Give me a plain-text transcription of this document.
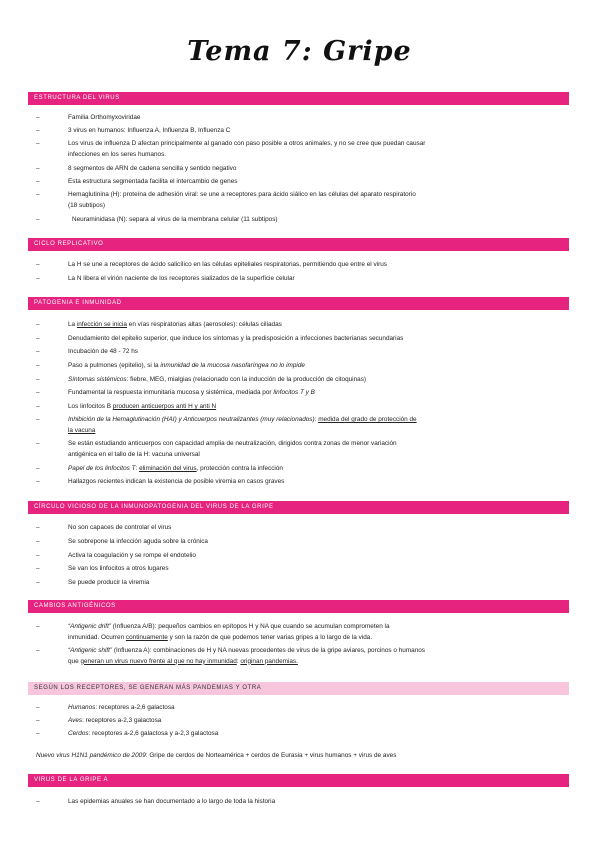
Tema 7: Gripe
ESTRUCTURA DEL VIRUS
–	Familia Orthomyxoviridae
–	3 virus en humanos: Influenza A, Influenza B, Influenza C
–	Los virus de influenza D afectan principalmente al ganado con paso posible a otros animales, y no se cree que puedan causar
infecciones en los seres humanos.
–	8 segmentos de ARN de cadena sencilla y sentido negativo
–	Esta estructura segmentada facilita el intercambio de genes
–	Hemaglutinina (H): proteína de adhesión viral: se une a receptores para ácido siálico en las células del aparato respiratorio
(18 subtipos)
–	Neuraminidasa (N): separa al virus de la membrana celular (11 subtipos)
CICLO REPLICATIVO
–	La H se une a receptores de ácido salicílico en las células epiteliales respiratorias, permitiendo que entre el virus
–	La N libera el virión naciente de los receptores sializados de la superficie celular
PATOGENIA E INMUNIDAD
–	La infección se inicia en vías respiratorias altas (aerosoles): células ciliadas
–	Denudamiento del epitelio superior, que induce los síntomas y la predisposición a infecciones bacterianas secundarias
–	Incubación de 48 - 72 hs
–	Paso a pulmones (epitelio), si la inmunidad de la mucosa nasofaríngea no lo impide
–	Síntomas sistémicos: fiebre, MEG, mialgias (relacionado con la inducción de la producción de citoquinas)
–	Fundamental la respuesta inmunitaria mucosa y sistémica, mediada por linfocitos T y B
–	Los linfocitos B producen anticuerpos anti H y anti N
–	Inhibición de la Hemaglutinación (HAI) y Anticuerpos neutralizantes (muy relacionados): medida del grado de protección de
la vacuna
–	Se están estudiando anticuerpos con capacidad amplia de neutralización, dirigidos contra zonas de menor variación
antigénica en el tallo de la H: vacuna universal
–	Papel de los linfocitos T: eliminación del virus, protección contra la infección
–	Hallazgos recientes indican la existencia de posible viremia en casos graves
CÍRCULO VICIOSO DE LA INMUNOPATOGENIA DEL VIRUS DE LA GRIPE
–	No son capaces de controlar el virus
–	Se sobrepone la infección aguda sobre la crónica
–	Activa la coagulación y se rompe el endotelio
–	Se van los linfocitos a otros lugares
–	Se puede producir la viremia
CAMBIOS ANTIGÉNICOS
–	“Antigenic drift” (Influenza A/B): pequeños cambios en epítopos H y NA que cuando se acumulan comprometen la
inmunidad. Ocurren continuamente y son la razón de que podemos tener varias gripes a lo largo de la vida.
–	“Antigenic shift” (Influenza A): combinaciones de H y NA nuevas procedentes de virus de la gripe aviares, porcinos o humanos
que generan un virus nuevo frente al que no hay inmunidad: originan pandemias.
SEGÚN LOS RECEPTORES, SE GENERAN MÁS PANDEMIAS Y OTRA
–	Humanos: receptores a-2,6 galactosa
–	Aves: receptores a-2,3 galactosa
–	Cerdos: receptores a-2,6 galactosa y a-2,3 galactosa
Nuevo virus H1N1 pandémico de 2009: Gripe de cerdos de Norteamérica + cerdos de Eurasia + virus humanos + virus de aves
VIRUS DE LA GRIPE A
–	Las epidemias anuales se han documentado a lo largo de toda la historia
